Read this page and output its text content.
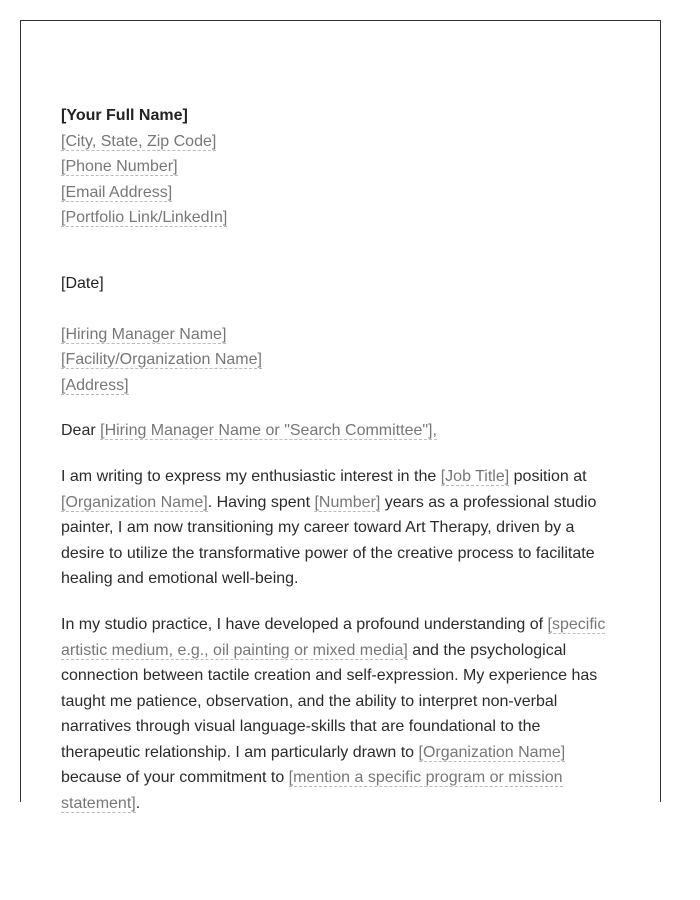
[Your Full Name]

[City, State, Zip Code]

[Phone Number]

[Email Address]

[Portfolio Link/LinkedIn]

[Date]

[Hiring Manager Name]

[Facility/Organization Name]

[Address]

Dear [Hiring Manager Name or "Search Committee"],

I am writing to express my enthusiastic interest in the [Job Title] position at [Organization Name]. Having spent [Number] years as a professional studio painter, I am now transitioning my career toward Art Therapy, driven by a desire to utilize the transformative power of the creative process to facilitate healing and emotional well-being.

In my studio practice, I have developed a profound understanding of [specific artistic medium, e.g., oil painting or mixed media] and the psychological connection between tactile creation and self-expression. My experience has taught me patience, observation, and the ability to interpret non-verbal narratives through visual language-skills that are foundational to the therapeutic relationship. I am particularly drawn to [Organization Name] because of your commitment to [mention a specific program or mission statement].
